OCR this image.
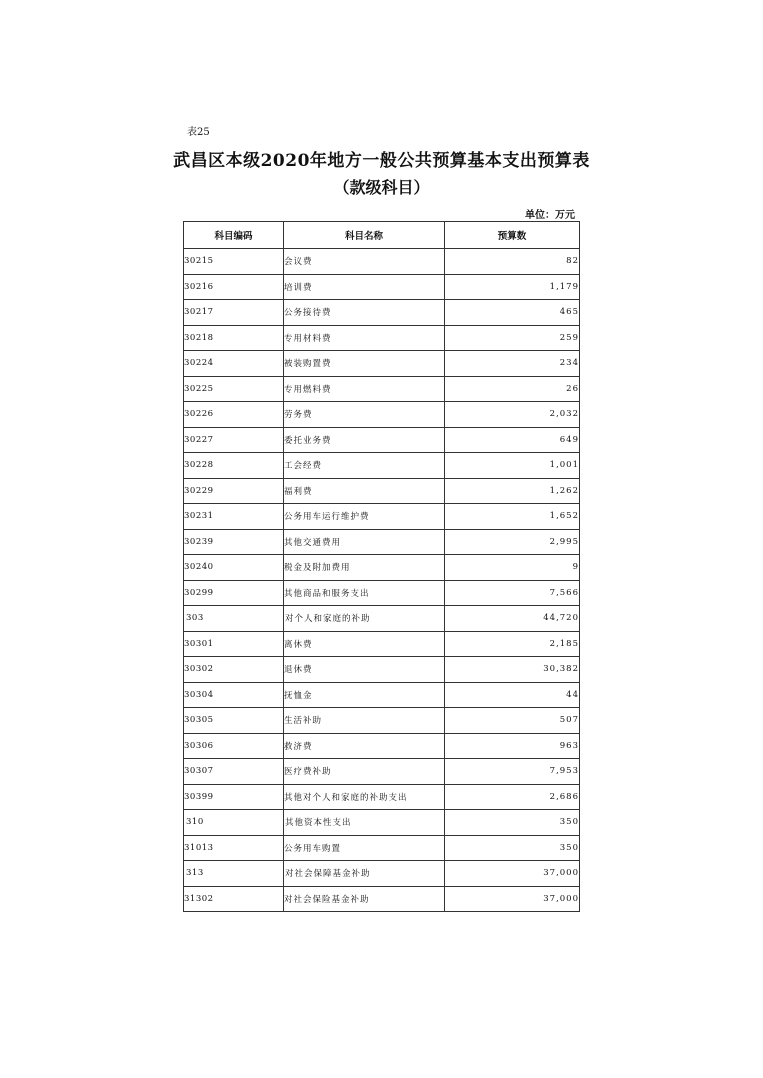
表25
武昌区本级2020年地方一般公共预算基本支出预算表
（款级科目）
单位：万元
科目编码	科目名称	预算数
30215	会议费	82
30216	培训费	1,179
30217	公务接待费	465
30218	专用材料费	259
30224	被装购置费	234
30225	专用燃料费	26
30226	劳务费	2,032
30227	委托业务费	649
30228	工会经费	1,001
30229	福利费	1,262
30231	公务用车运行维护费	1,652
30239	其他交通费用	2,995
30240	税金及附加费用	9
30299	其他商品和服务支出	7,566
303	对个人和家庭的补助	44,720
30301	离休费	2,185
30302	退休费	30,382
30304	抚恤金	44
30305	生活补助	507
30306	救济费	963
30307	医疗费补助	7,953
30399	其他对个人和家庭的补助支出	2,686
310	其他资本性支出	350
31013	公务用车购置	350
313	对社会保障基金补助	37,000
31302	对社会保险基金补助	37,000
